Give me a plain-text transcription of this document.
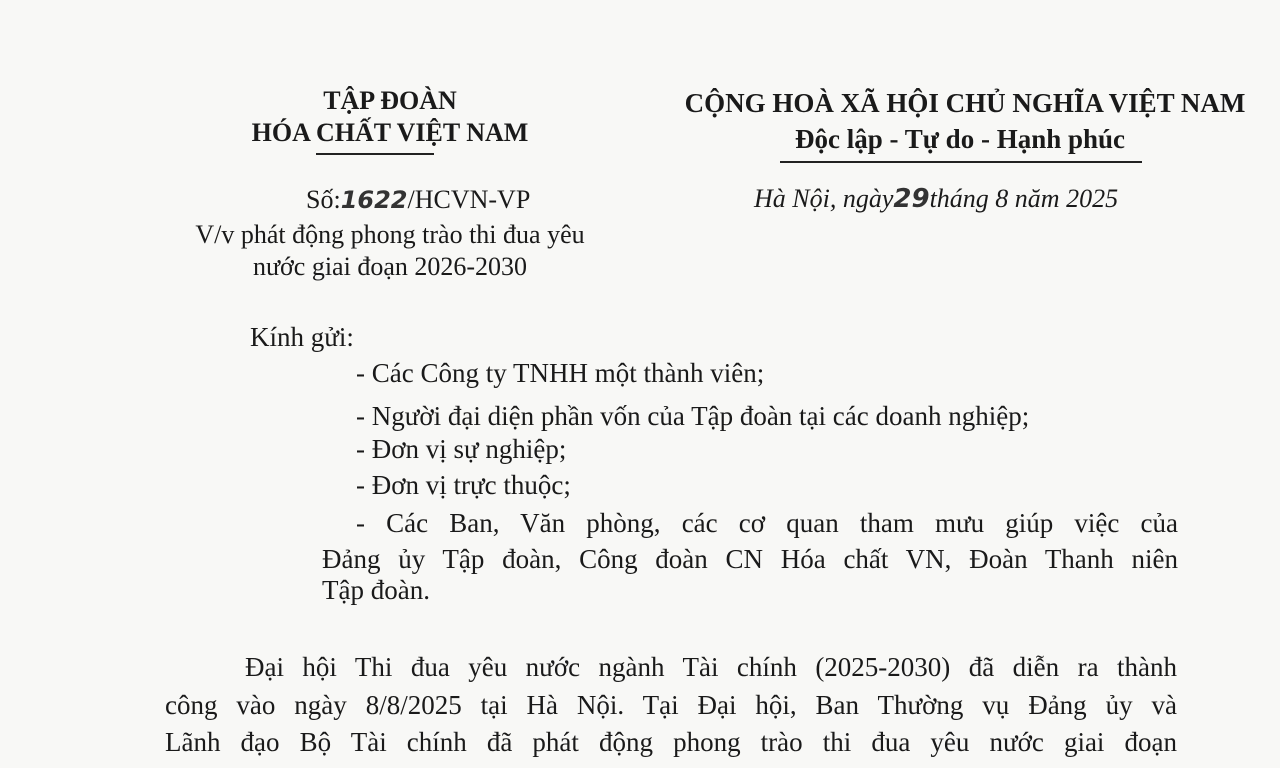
TẬP ĐOÀN
HÓA CHẤT VIỆT NAM
Số:1622/HCVN-VP
V/v phát động phong trào thi đua yêu
nước giai đoạn 2026-2030
CỘNG HOÀ XÃ HỘI CHỦ NGHĨA VIỆT NAM
Độc lập - Tự do - Hạnh phúc
Hà Nội, ngày29tháng 8 năm 2025
Kính gửi:
- Các Công ty TNHH một thành viên;
- Người đại diện phần vốn của Tập đoàn tại các doanh nghiệp;
- Đơn vị sự nghiệp;
- Đơn vị trực thuộc;
- Các Ban, Văn phòng, các cơ quan tham mưu giúp việc của
Đảng ủy Tập đoàn, Công đoàn CN Hóa chất VN, Đoàn Thanh niên
Tập đoàn.
Đại hội Thi đua yêu nước ngành Tài chính (2025-2030) đã diễn ra thành
công vào ngày 8/8/2025 tại Hà Nội. Tại Đại hội, Ban Thường vụ Đảng ủy và
Lãnh đạo Bộ Tài chính đã phát động phong trào thi đua yêu nước giai đoạn
